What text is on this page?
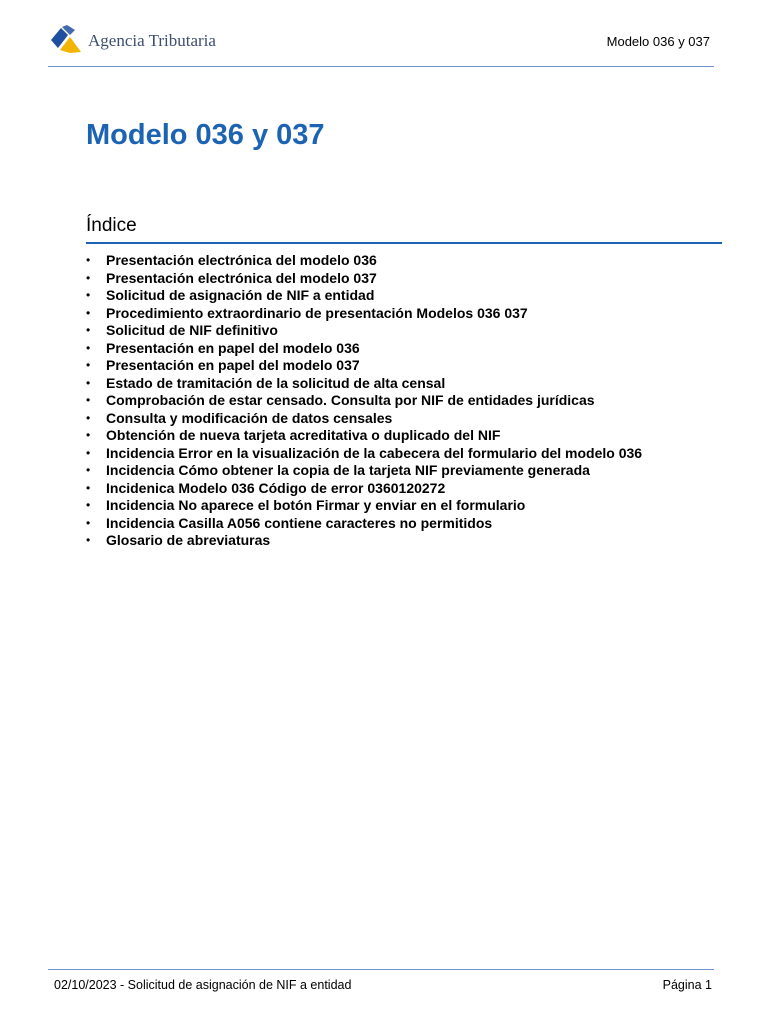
Agencia Tributaria	Modelo 036 y 037
Modelo 036 y 037
Índice
• Presentación electrónica del modelo 036
• Presentación electrónica del modelo 037
• Solicitud de asignación de NIF a entidad
• Procedimiento extraordinario de presentación Modelos 036 037
• Solicitud de NIF definitivo
• Presentación en papel del modelo 036
• Presentación en papel del modelo 037
• Estado de tramitación de la solicitud de alta censal
• Comprobación de estar censado. Consulta por NIF de entidades jurídicas
• Consulta y modificación de datos censales
• Obtención de nueva tarjeta acreditativa o duplicado del NIF
• Incidencia Error en la visualización de la cabecera del formulario del modelo 036
• Incidencia Cómo obtener la copia de la tarjeta NIF previamente generada
• Incidenica Modelo 036 Código de error 0360120272
• Incidencia No aparece el botón Firmar y enviar en el formulario
• Incidencia Casilla A056 contiene caracteres no permitidos
• Glosario de abreviaturas
02/10/2023 - Solicitud de asignación de NIF a entidad	Página 1
